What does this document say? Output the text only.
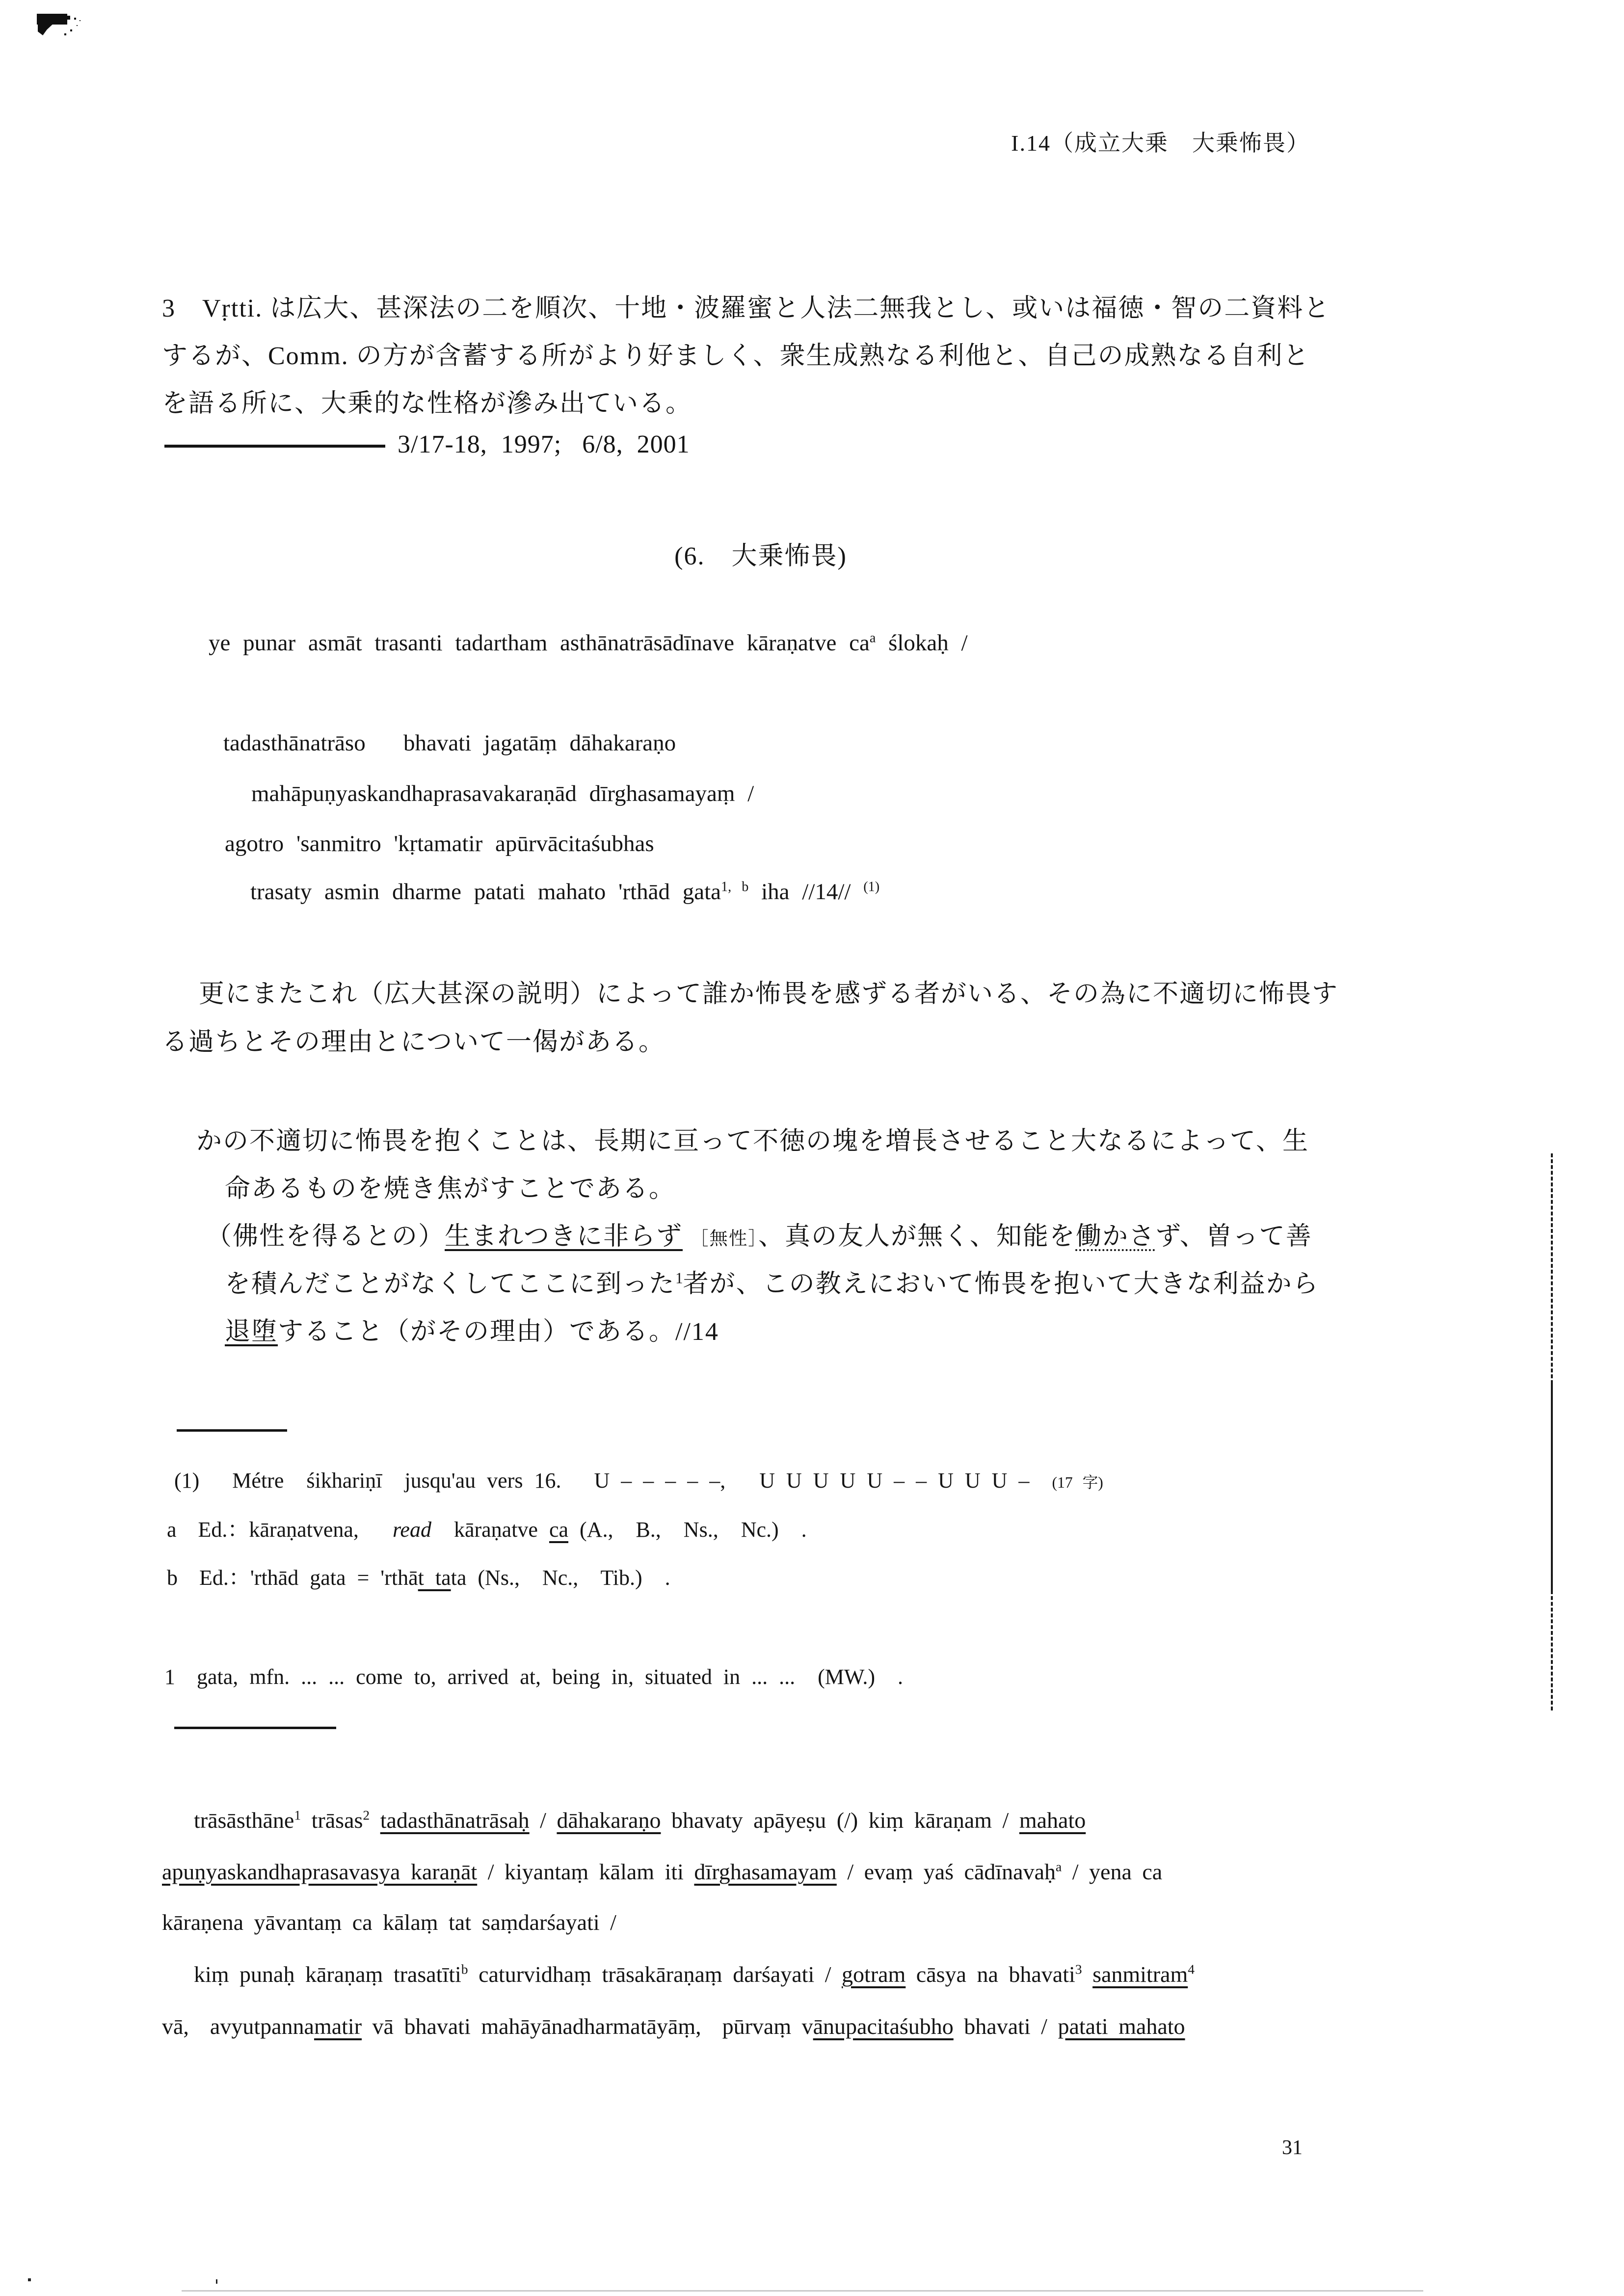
I.14（成立大乗　大乗怖畏）
3　Vṛtti. は広大、甚深法の二を順次、十地・波羅蜜と人法二無我とし、或いは福徳・智の二資料と
するが、Comm. の方が含蓄する所がより好ましく、衆生成熟なる利他と、自己の成熟なる自利と
を語る所に、大乗的な性格が滲み出ている。
3/17-18,  1997;   6/8,  2001
(6.　大乗怖畏)
ye punar asmāt trasanti tadartham asthānatrāsādīnave kāraṇatve $ca^a$ ślokaḥ /
tadasthānatrāso   bhavati jagatāṃ dāhakaraṇo
mahāpuṇyaskandhaprasavakaraṇād dīrghasamayaṃ /
agotro 'sanmitro 'kṛtamatir apūrvācitaśubhas
trasaty asmin dharme patati mahato 'rthād gata$^{1, b}$ iha //14// $^{(1)}$
更にまたこれ（広大甚深の説明）によって誰か怖畏を感ずる者がいる、その為に不適切に怖畏す
る過ちとその理由とについて一偈がある。
かの不適切に怖畏を抱くことは、長期に亘って不徳の塊を増長させること大なるによって、生
命あるものを焼き焦がすことである。
（佛性を得るとの）生まれつきに非らず ［無性］、真の友人が無く、知能を働かさず、曽って善
を積んだことがなくしてここに到った$^1$者が、この教えにおいて怖畏を抱いて大きな利益から
退堕すること（がその理由）である。//14
(1)　 Métre  śikhariṇī  jusqu'au vers 16.　 U – – – – –,   U U U U U – – U U U –  (17 字)
a　Ed.：kāraṇatvena,   read  kāraṇatve ca (A.,  B.,  Ns.,  Nc.)  .
b　Ed.：'rthād gata = 'rthāt tata (Ns.,  Nc.,  Tib.)  .
1　gata, mfn. ... ... come to, arrived at, being in, situated in ... ...  (MW.)  .
trāsāsthāne$^1$ trāsas$^2$ tadasthānatrāsaḥ / dāhakaraṇo bhavaty apāyeṣu (/) kiṃ kāraṇam / mahato
apuṇyaskandhaprasavasya karaṇāt / kiyantaṃ kālam iti dīrghasamayam / evaṃ yaś cādīnavaḥ$^a$ / yena ca
kāraṇena yāvantaṃ ca kālaṃ tat saṃdarśayati /
kiṃ punaḥ kāraṇaṃ trasatīti$^b$ caturvidhaṃ trāsakāraṇaṃ darśayati / gotram cāsya na bhavati$^3$ sanmitram$^4$
vā,  avyutpannamatir vā bhavati mahāyānadharmatāyāṃ,  pūrvaṃ vānupacitaśubho bhavati / patati mahato
31
